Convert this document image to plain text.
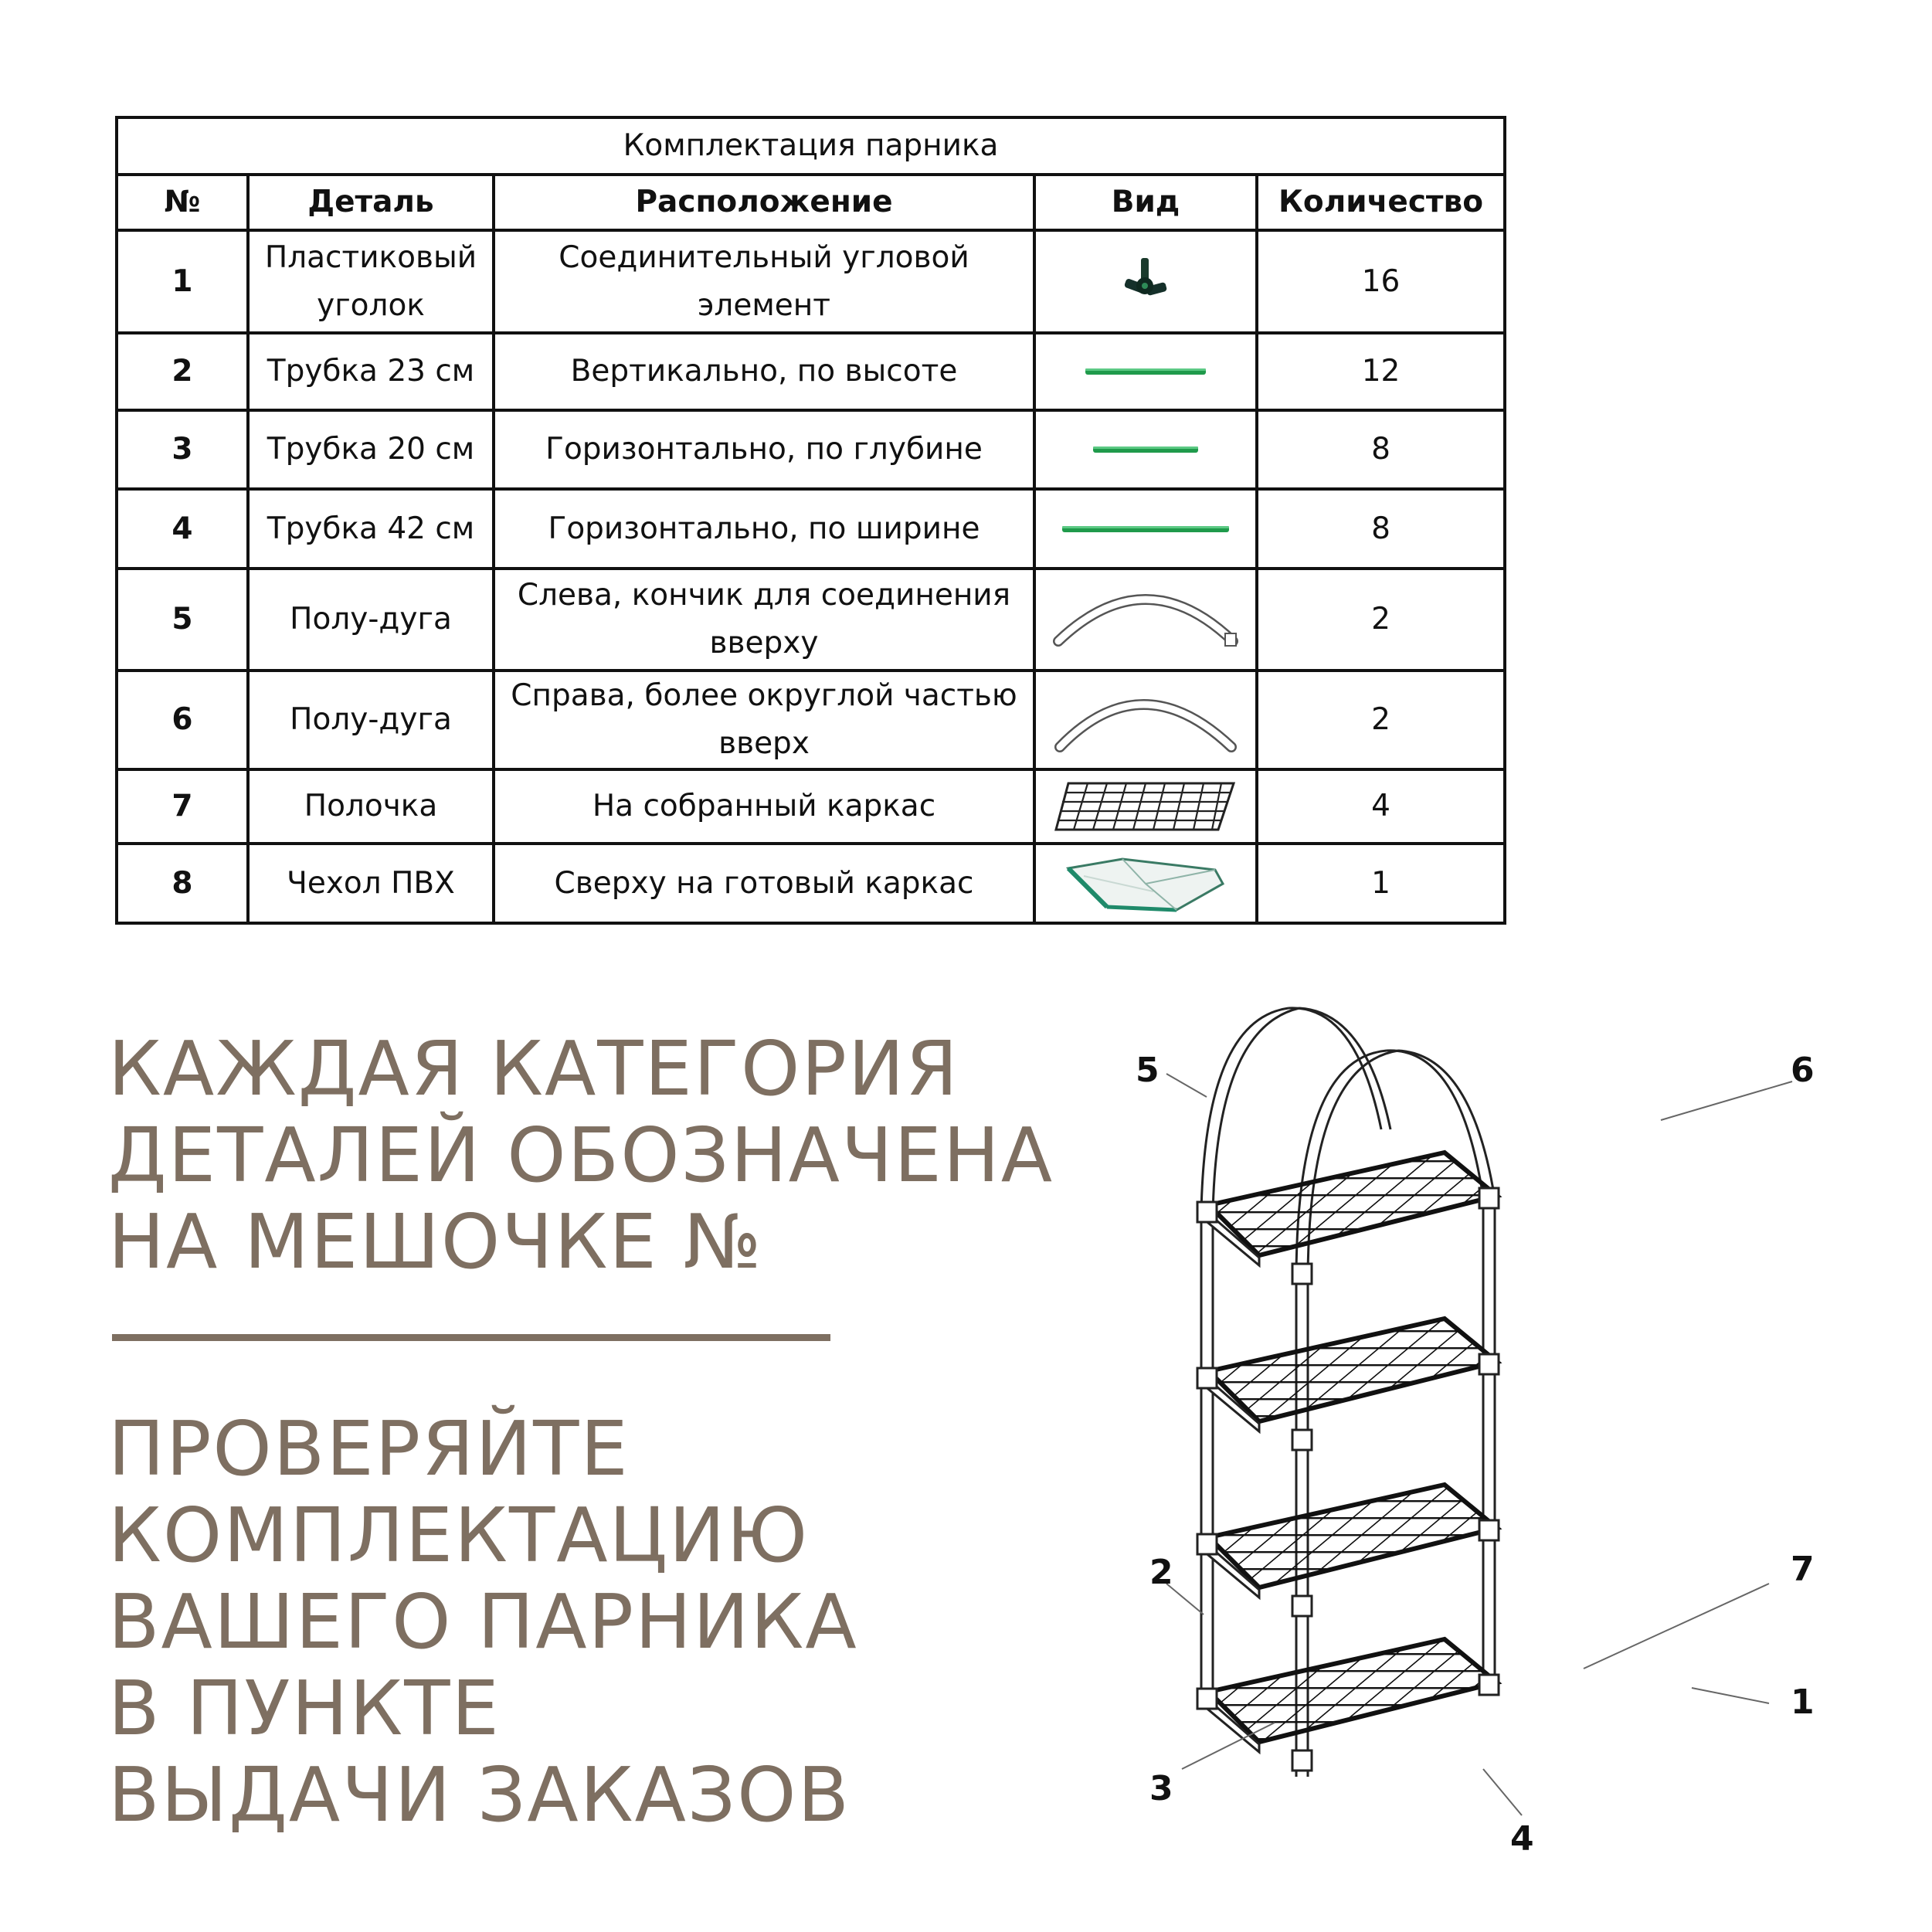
Комплектация парника				
№	Деталь	Расположение	Вид	Количество
1	Пластиковый уголок	Соединительный угловой элемент		16
2	Трубка 23 см	Вертикально, по высоте		12
3	Трубка 20 см	Горизонтально, по глубине		8
4	Трубка 42 см	Горизонтально, по ширине		8
5	Полу-дуга	Слева, кончик для соединения вверху		2
6	Полу-дуга	Справа, более округлой частью вверх		2
7	Полочка	На собранный каркас		4
8	Чехол ПВХ	Сверху на готовый каркас		1
КАЖДАЯ КАТЕГОРИЯ
ДЕТАЛЕЙ ОБОЗНАЧЕНА
НА МЕШОЧКЕ №

ПРОВЕРЯЙТЕ
КОМПЛЕКТАЦИЮ
ВАШЕГО ПАРНИКА
В ПУНКТЕ
ВЫДАЧИ ЗАКАЗОВ

5	6
2	7
1
3
4
